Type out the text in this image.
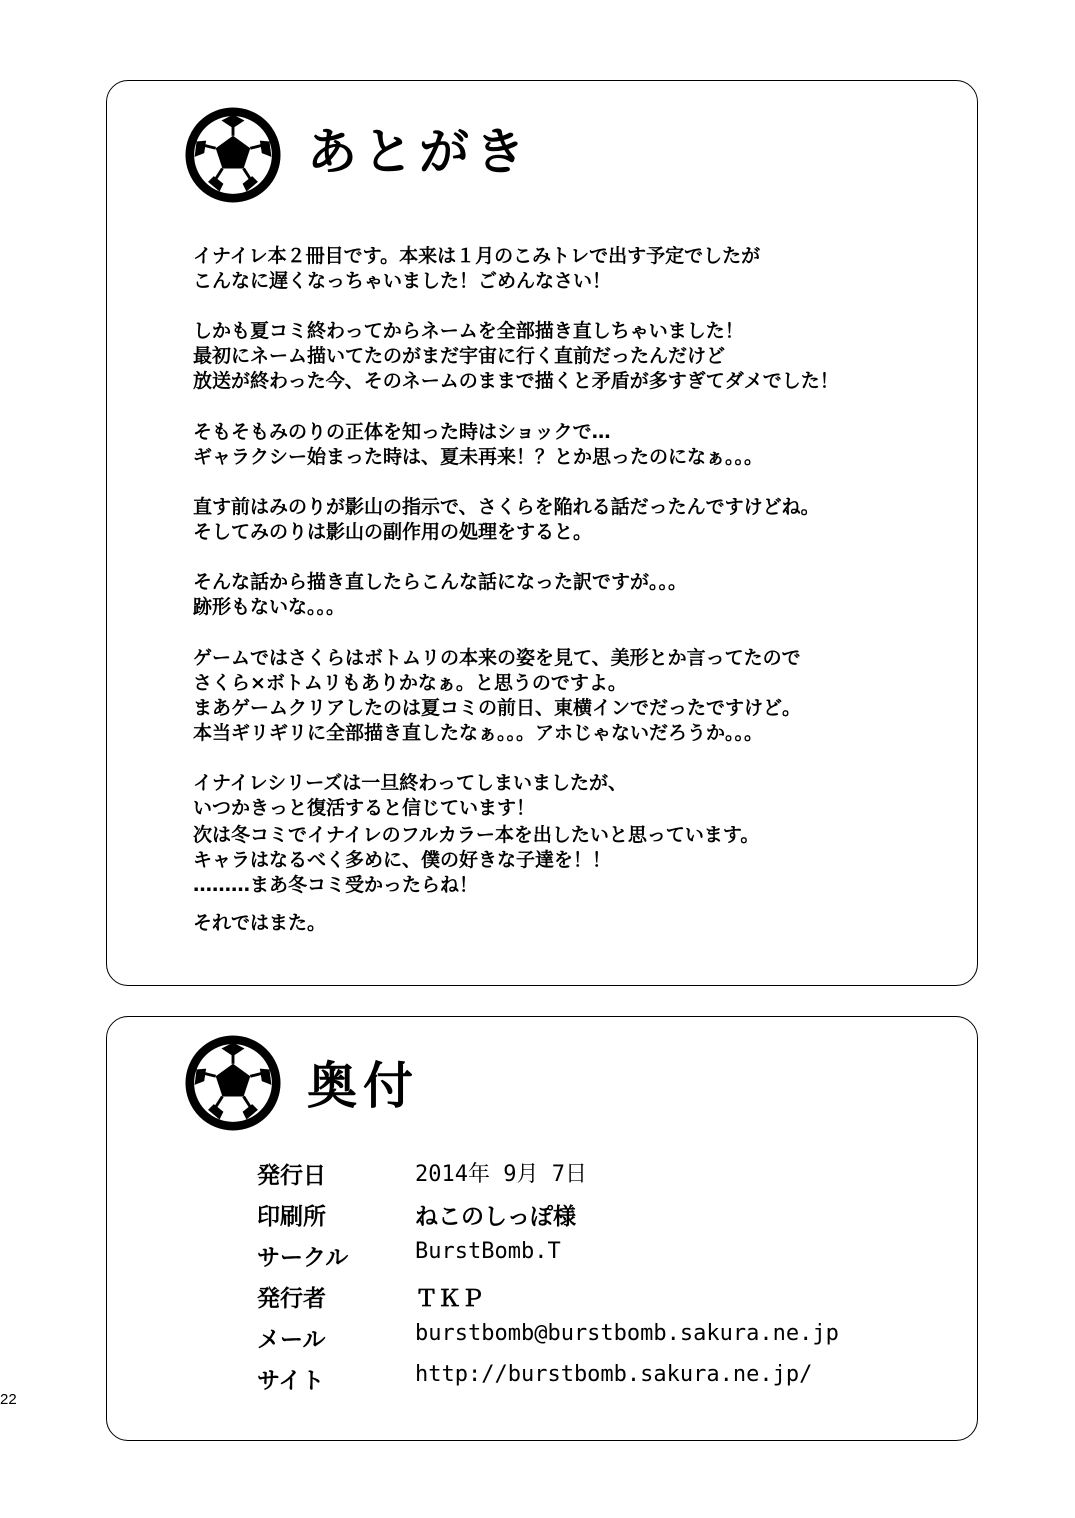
あとがき
イナイレ本２冊目です。本来は１月のこみトレで出す予定でしたが
こんなに遅くなっちゃいました！ごめんなさい！
しかも夏コミ終わってからネームを全部描き直しちゃいました！
最初にネーム描いてたのがまだ宇宙に行く直前だったんだけど
放送が終わった今、そのネームのままで描くと矛盾が多すぎてダメでした！
そもそもみのりの正体を知った時はショックで…
ギャラクシー始まった時は、夏未再来！？とか思ったのになぁ。。。
直す前はみのりが影山の指示で、さくらを陥れる話だったんですけどね。
そしてみのりは影山の副作用の処理をすると。
そんな話から描き直したらこんな話になった訳ですが。。。
跡形もないな。。。
ゲームではさくらはボトムリの本来の姿を見て、美形とか言ってたので
さくら×ボトムリもありかなぁ。と思うのですよ。
まあゲームクリアしたのは夏コミの前日、東横インでだったですけど。
本当ギリギリに全部描き直したなぁ。。。アホじゃないだろうか。。。
イナイレシリーズは一旦終わってしまいましたが、
いつかきっと復活すると信じています！
次は冬コミでイナイレのフルカラー本を出したいと思っています。
キャラはなるべく多めに、僕の好きな子達を！！
………まあ冬コミ受かったらね！
それではまた。
奥付
発行日	2014年 9月 7日
印刷所	ねこのしっぽ様
サークル	BurstBomb.T
発行者	ＴＫＰ
メール	burstbomb@burstbomb.sakura.ne.jp
サイト	http://burstbomb.sakura.ne.jp/
22
